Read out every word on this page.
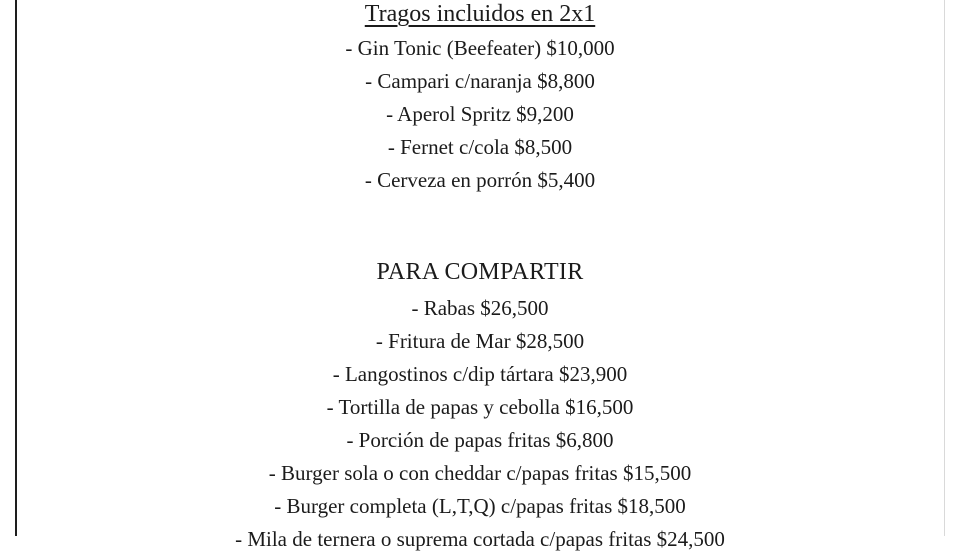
Tragos incluidos en 2x1
- Gin Tonic (Beefeater) $10,000
- Campari c/naranja $8,800
- Aperol Spritz $9,200
- Fernet c/cola $8,500
- Cerveza en porrón $5,400
PARA COMPARTIR
- Rabas $26,500
- Fritura de Mar $28,500
- Langostinos c/dip tártara $23,900
- Tortilla de papas y cebolla $16,500
- Porción de papas fritas $6,800
- Burger sola o con cheddar c/papas fritas $15,500
- Burger completa (L,T,Q) c/papas fritas $18,500
- Mila de ternera o suprema cortada c/papas fritas $24,500
